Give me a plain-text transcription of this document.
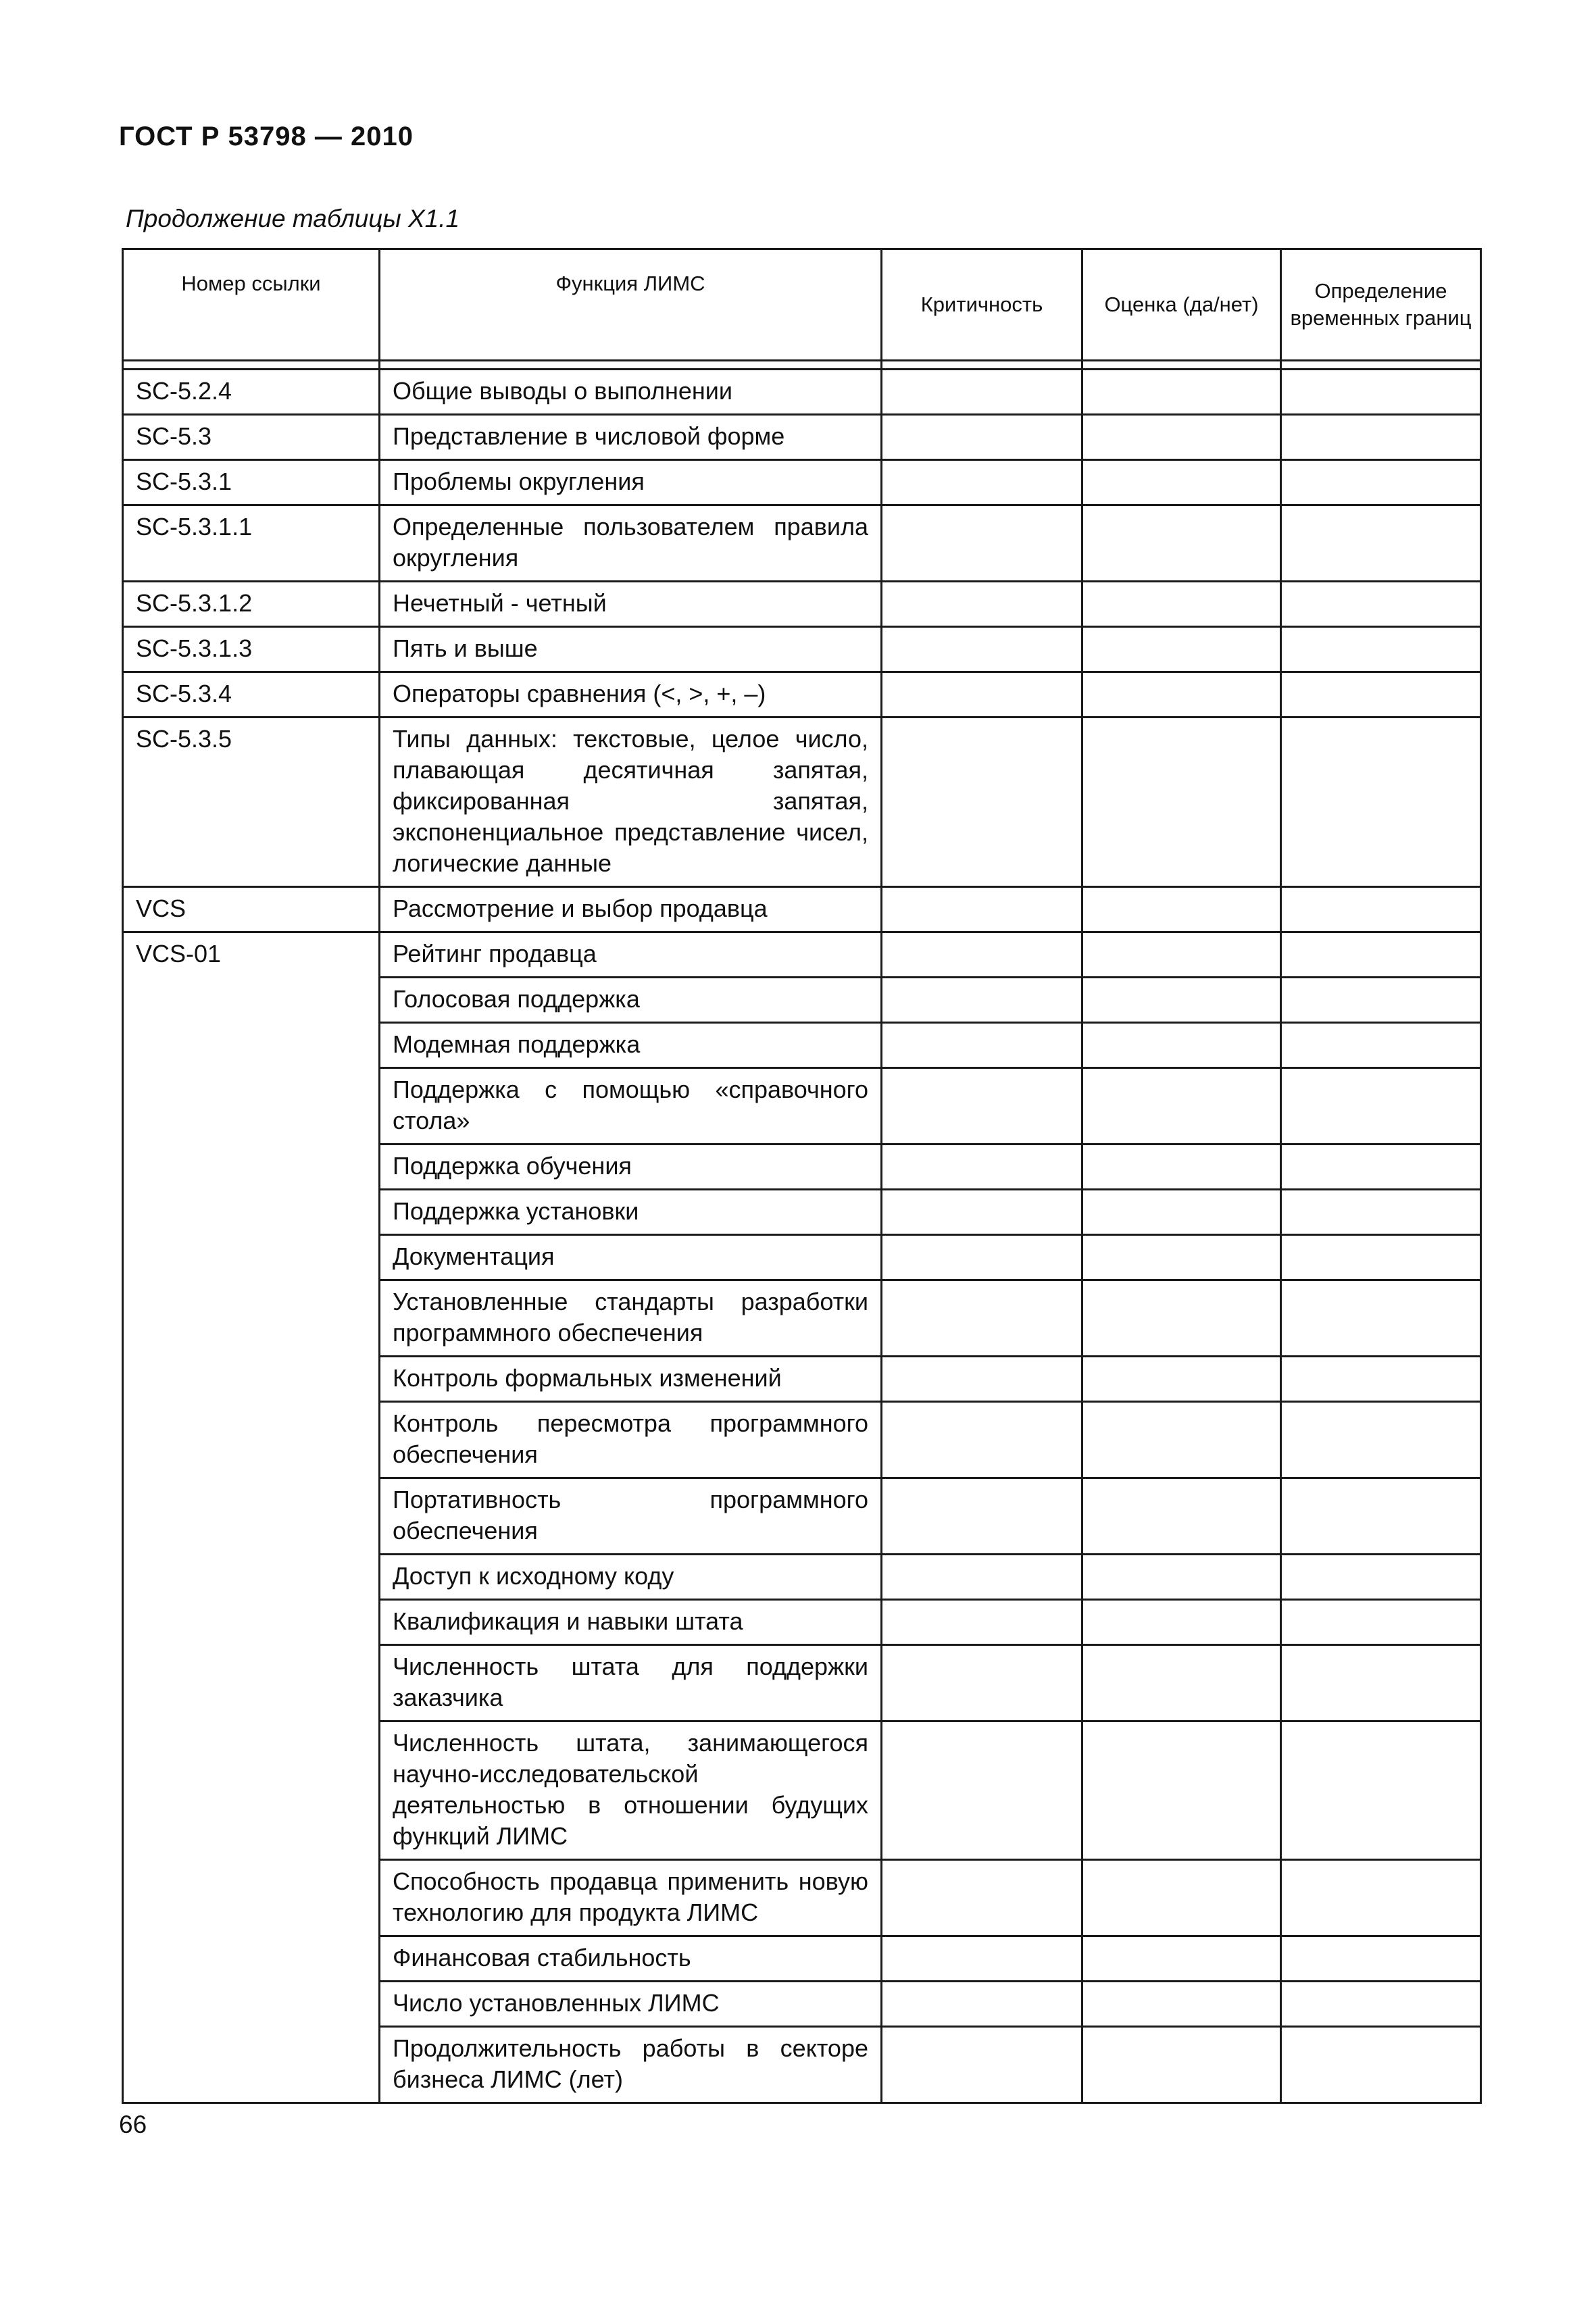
ГОСТ Р 53798 — 2010
Продолжение таблицы Х1.1
Номер ссылки	Функция ЛИМС	Критичность	Оценка (да/нет)	Определение временных границ

SC-5.2.4	Общие выводы о выполнении			
SC-5.3	Представление в числовой форме			
SC-5.3.1	Проблемы округления			
SC-5.3.1.1	Определенные пользователем правила округления			
SC-5.3.1.2	Нечетный - четный			
SC-5.3.1.3	Пять и выше			
SC-5.3.4	Операторы сравнения (<, >, +, –)			
SC-5.3.5	Типы данных: текстовые, целое число, плавающая десятичная запятая, фиксированная запятая, экспоненциальное представление чисел, логические данные			
VCS	Рассмотрение и выбор продавца			
VCS-01	Рейтинг продавца			
	Голосовая поддержка			
	Модемная поддержка			
	Поддержка с помощью «справочного стола»			
	Поддержка обучения			
	Поддержка установки			
	Документация			
	Установленные стандарты разработки программного обеспечения			
	Контроль формальных изменений			
	Контроль пересмотра программного обеспечения			
	Портативность программного обеспечения			
	Доступ к исходному коду			
	Квалификация и навыки штата			
	Численность штата для поддержки заказчика			
	Численность штата, занимающегося научно-исследовательской деятельностью в отношении будущих функций ЛИМС			
	Способность продавца применить новую технологию для продукта ЛИМС			
	Финансовая стабильность			
	Число установленных ЛИМС			
	Продолжительность работы в секторе бизнеса ЛИМС (лет)			
66
